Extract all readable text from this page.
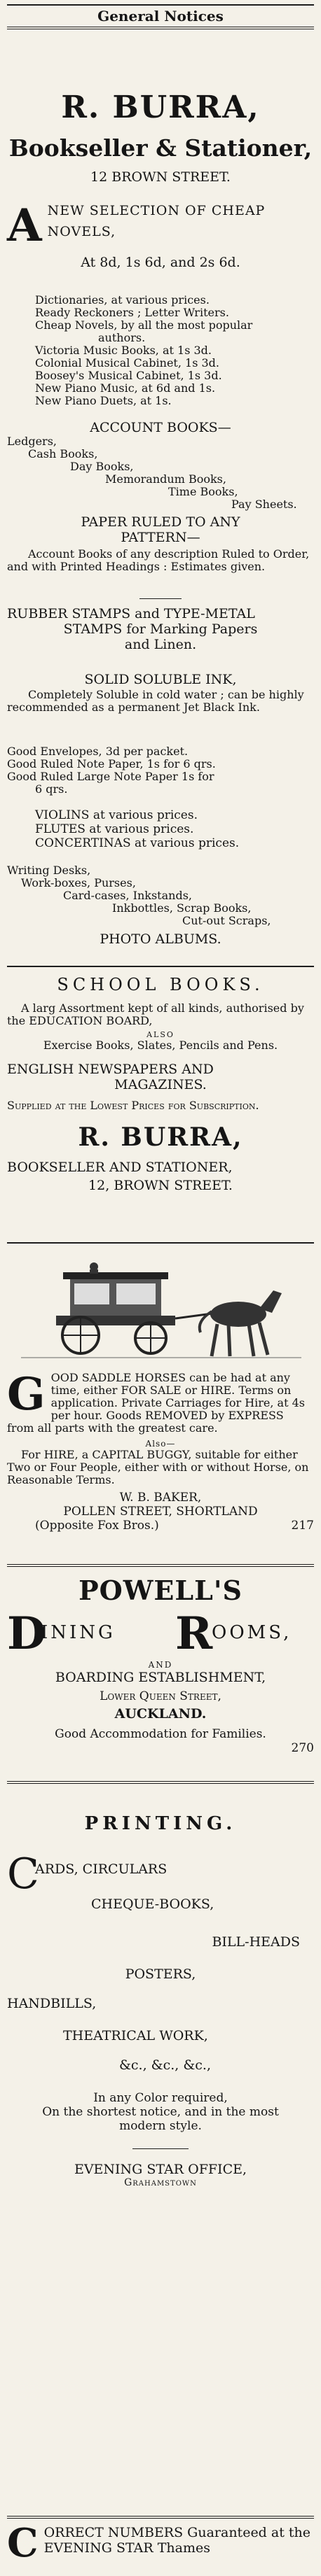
General Notices
R. BURRA,
Bookseller & Stationer,
12 BROWN STREET.
A NEW SELECTION OF CHEAP
NOVELS,
At 8d, 1s 6d, and 2s 6d.
Dictionaries, at various prices.
Ready Reckoners ; Letter Writers.
Cheap Novels, by all the most popular
authors.
Victoria Music Books, at 1s 3d.
Colonial Musical Cabinet, 1s 3d.
Boosey's Musical Cabinet, 1s 3d.
New Piano Music, at 6d and 1s.
New Piano Duets, at 1s.
ACCOUNT BOOKS—
Ledgers,
Cash Books,
Day Books,
Memorandum Books,
Time Books,
Pay Sheets.
PAPER RULED TO ANY
PATTERN—
Account Books of any description Ruled to Order, and with Printed Headings : Estimates given.
RUBBER STAMPS and TYPE-METAL
STAMPS for Marking Papers
and Linen.
SOLID SOLUBLE INK,
Completely Soluble in cold water ; can be highly recommended as a permanent Jet Black Ink.
Good Envelopes, 3d per packet.
Good Ruled Note Paper, 1s for 6 qrs.
Good Ruled Large Note Paper 1s for
6 qrs.
VIOLINS at various prices.
FLUTES at various prices.
CONCERTINAS at various prices.
Writing Desks,
Work-boxes, Purses,
Card-cases, Inkstands,
Inkbottles, Scrap Books,
Cut-out Scraps,
PHOTO ALBUMS.
SCHOOL BOOKS.
A larg Assortment kept of all kinds, authorised by the EDUCATION BOARD,
ALSO
Exercise Books, Slates, Pencils and Pens.
ENGLISH NEWSPAPERS AND
MAGAZINES.
Supplied at the Lowest Prices for Subscription.
R. BURRA,
BOOKSELLER AND STATIONER,
12, BROWN STREET.
G OOD SADDLE HORSES can be had at any time, either FOR SALE or HIRE. Terms on application. Private Carriages for Hire, at 4s per hour. Goods REMOVED by EXPRESS from all parts with the greatest care.
Also—
For HIRE, a CAPITAL BUGGY, suitable for either Two or Four People, either with or without Horse, on Reasonable Terms.
W. B. BAKER,
POLLEN STREET, SHORTLAND
(Opposite Fox Bros.)	217
POWELL'S
D
INING R
OOMS,
AND
BOARDING ESTABLISHMENT,
Lower Queen Street,
AUCKLAND.
Good Accommodation for Families.
270
PRINTING.
C
ARDS, CIRCULARS
CHEQUE-BOOKS,
BILL-HEADS
POSTERS,
HANDBILLS,
THEATRICAL WORK,
&c., &c., &c.,
In any Color required,
On the shortest notice, and in the most
modern style.
EVENING STAR OFFICE,
Grahamstown
C ORRECT NUMBERS Guaranteed at the EVENING STAR Thames
